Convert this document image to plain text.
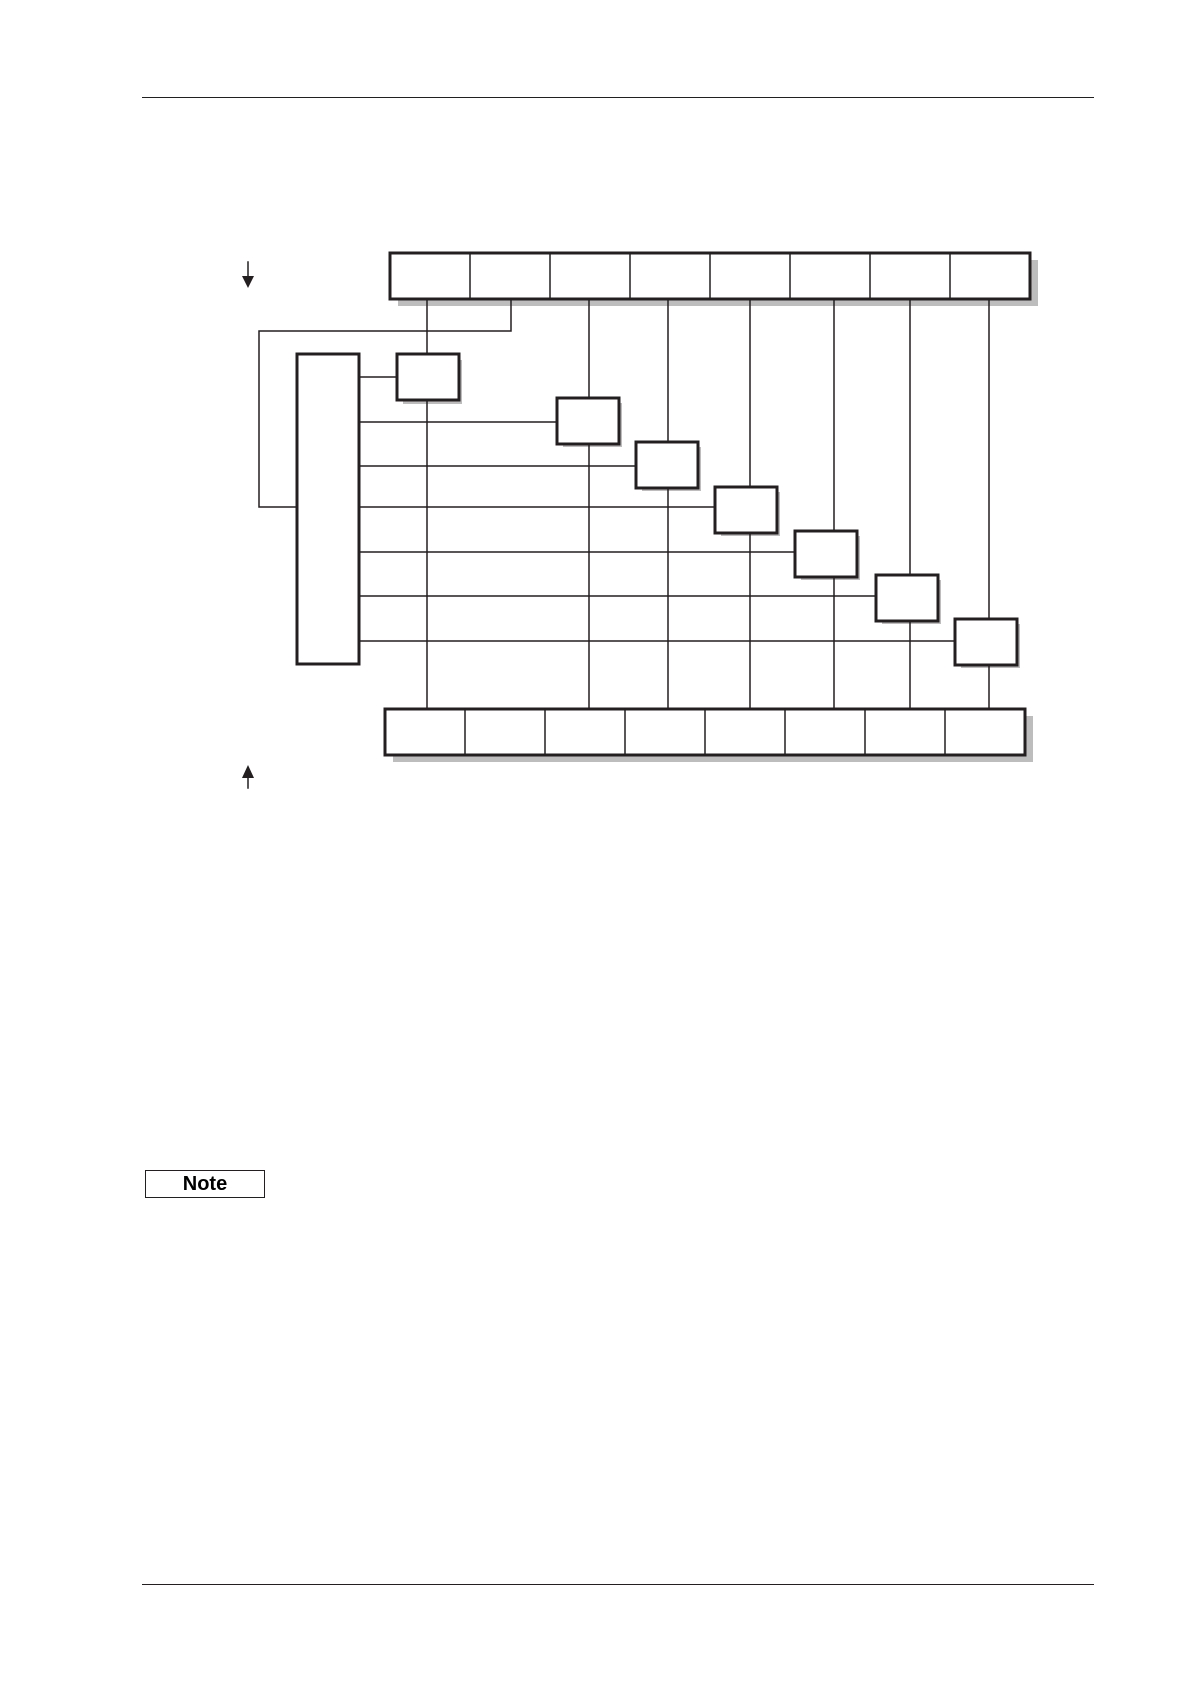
Note
